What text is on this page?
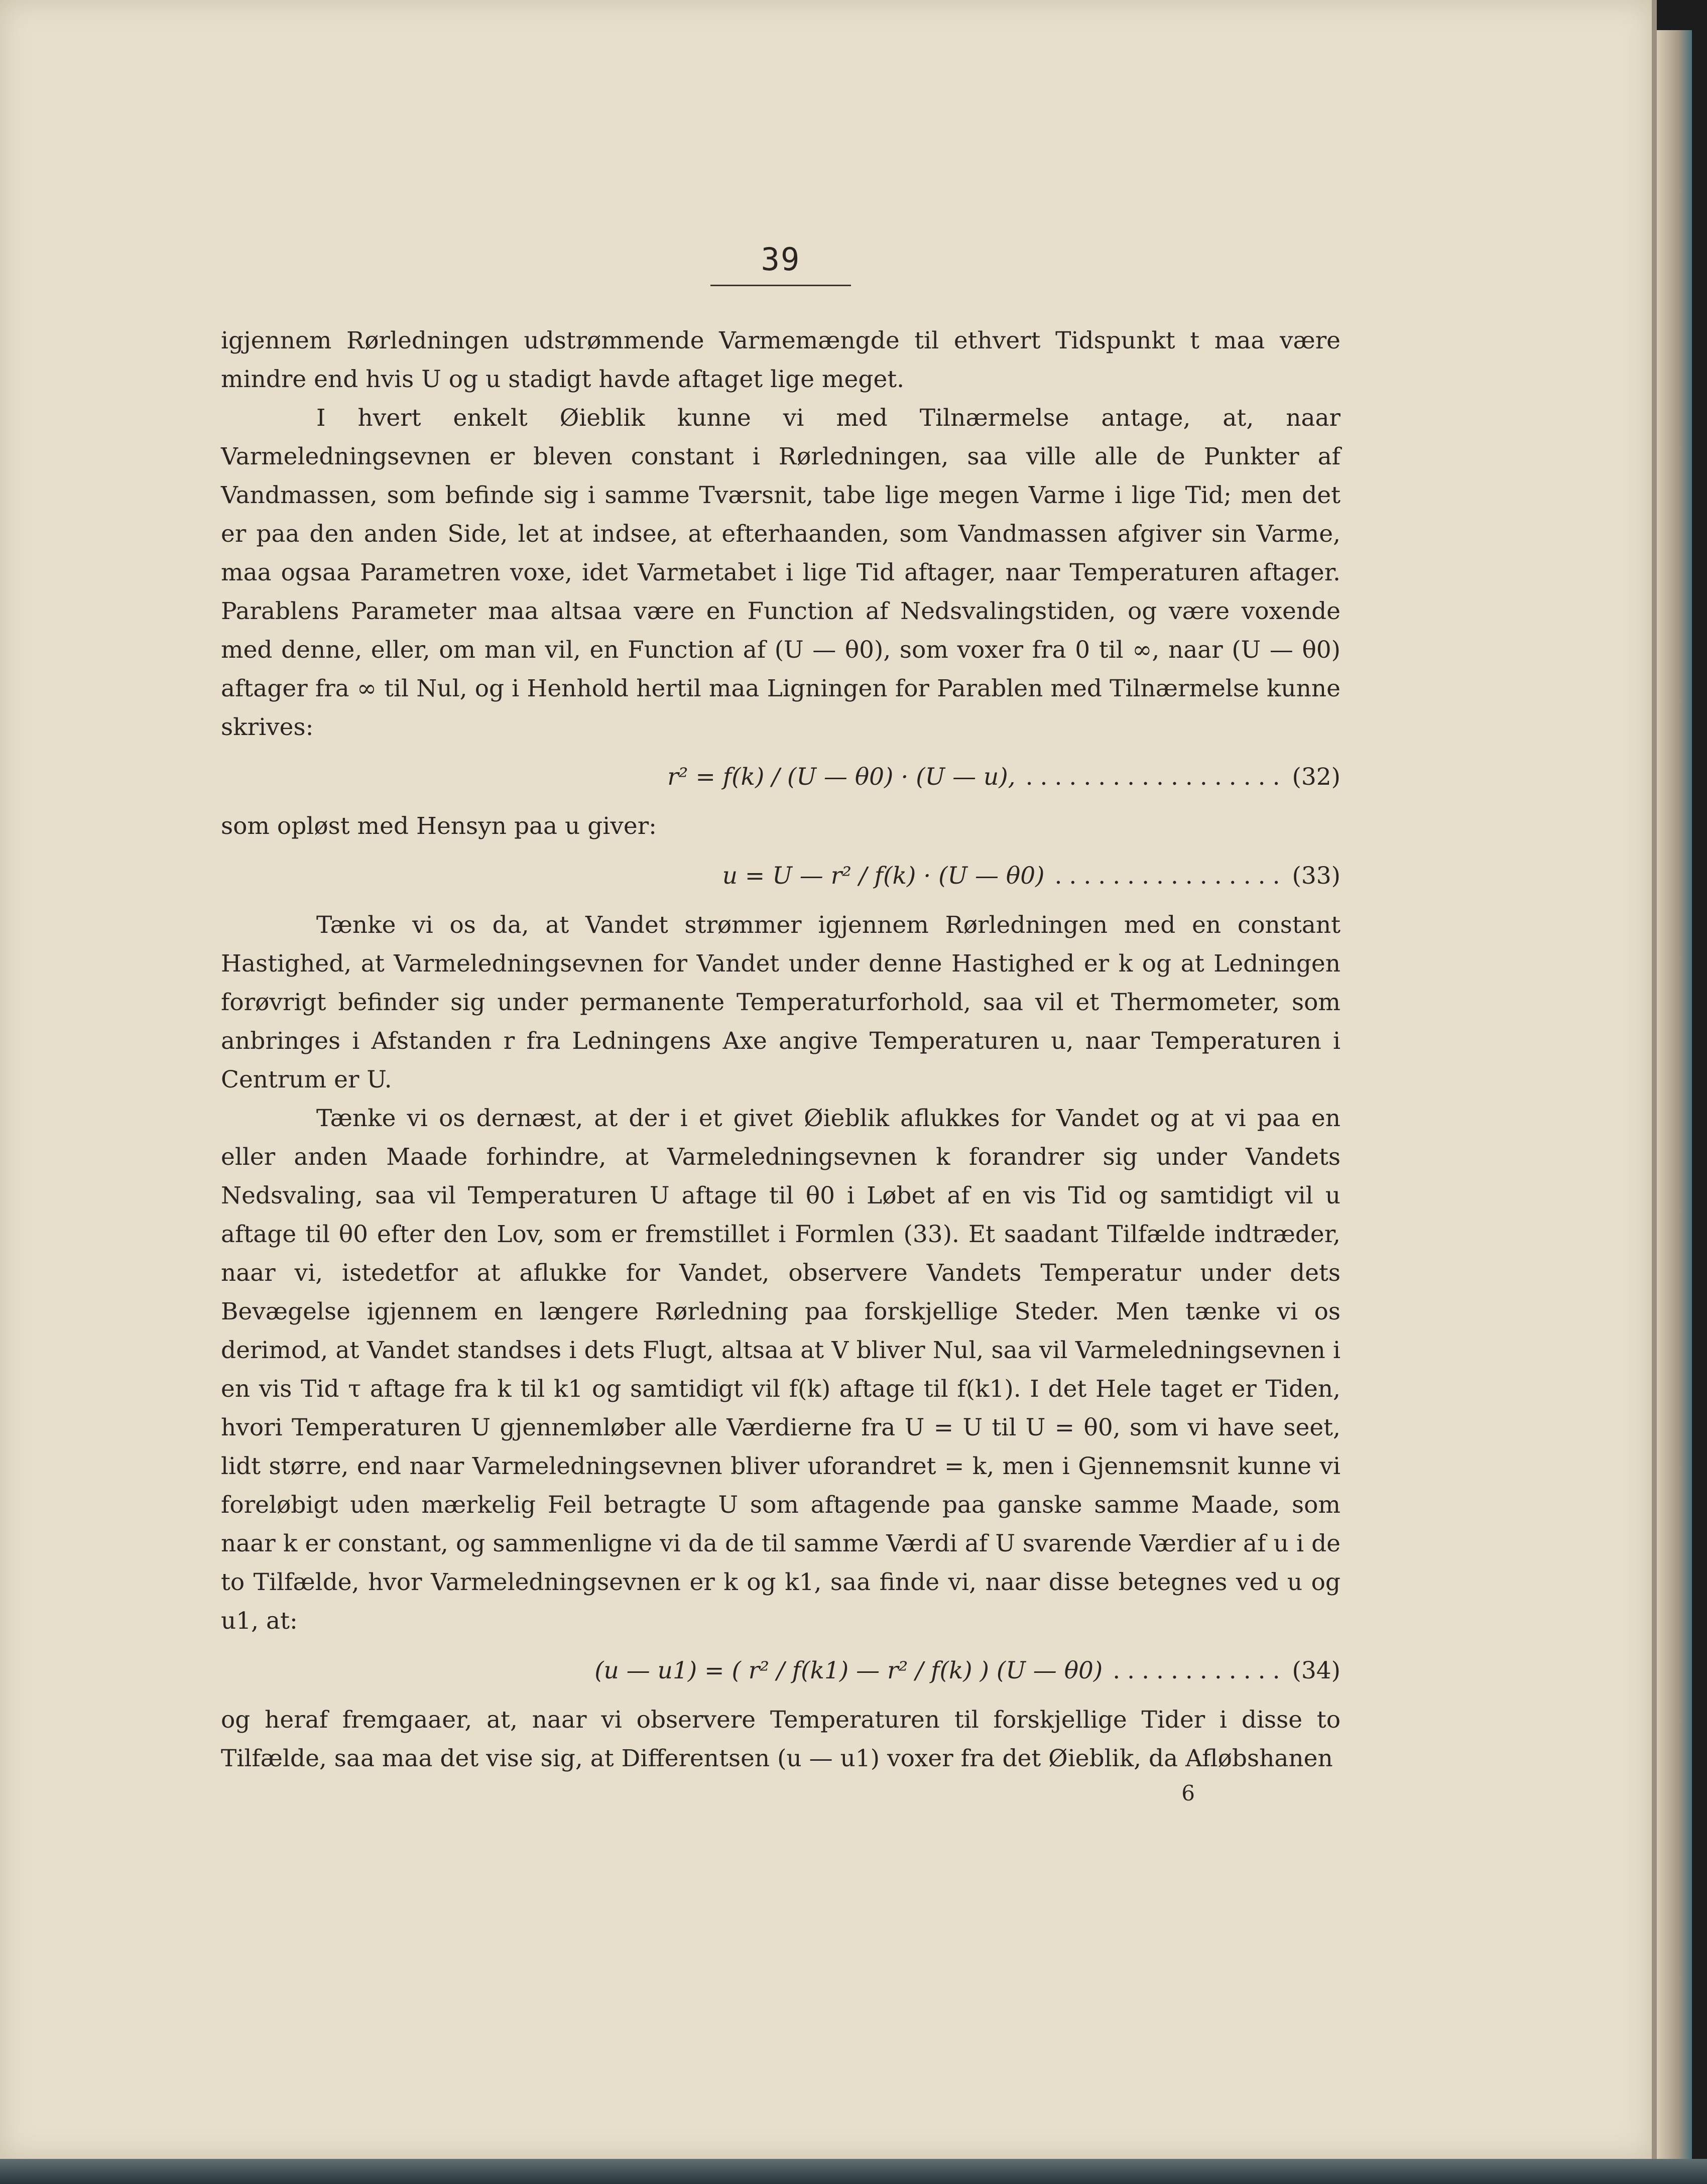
39

igjennem Rørledningen udstrømmende Varmemængde til ethvert Tidspunkt t maa være mindre end hvis U og u stadigt havde aftaget lige meget.

I hvert enkelt Øieblik kunne vi med Tilnærmelse antage, at, naar Varmeledningsevnen er bleven constant i Rørledningen, saa ville alle de Punkter af Vandmassen, som befinde sig i samme Tværsnit, tabe lige megen Varme i lige Tid; men det er paa den anden Side, let at indsee, at efterhaanden, som Vandmassen afgiver sin Varme, maa ogsaa Parametren voxe, idet Varmetabet i lige Tid aftager, naar Temperaturen aftager. Parablens Parameter maa altsaa være en Function af Nedsvalingstiden, og være voxende med denne, eller, om man vil, en Function af (U — θ0), som voxer fra 0 til ∞, naar (U — θ0) aftager fra ∞ til Nul, og i Henhold hertil maa Ligningen for Parablen med Tilnærmelse kunne skrives:

r² = f(k) / (U — θ0) · (U — u), .................. (32)

som opløst med Hensyn paa u giver:

u = U — r² / f(k) · (U — θ0) ................ (33)

Tænke vi os da, at Vandet strømmer igjennem Rørledningen med en constant Hastighed, at Varmeledningsevnen for Vandet under denne Hastighed er k og at Ledningen forøvrigt befinder sig under permanente Temperaturforhold, saa vil et Thermometer, som anbringes i Afstanden r fra Ledningens Axe angive Temperaturen u, naar Temperaturen i Centrum er U.

Tænke vi os dernæst, at der i et givet Øieblik aflukkes for Vandet og at vi paa en eller anden Maade forhindre, at Varmeledningsevnen k forandrer sig under Vandets Nedsvaling, saa vil Temperaturen U aftage til θ0 i Løbet af en vis Tid og samtidigt vil u aftage til θ0 efter den Lov, som er fremstillet i Formlen (33). Et saadant Tilfælde indtræder, naar vi, istedetfor at aflukke for Vandet, observere Vandets Temperatur under dets Bevægelse igjennem en længere Rørledning paa forskjellige Steder. Men tænke vi os derimod, at Vandet standses i dets Flugt, altsaa at V bliver Nul, saa vil Varmeledningsevnen i en vis Tid τ aftage fra k til k1 og samtidigt vil f(k) aftage til f(k1). I det Hele taget er Tiden, hvori Temperaturen U gjennemløber alle Værdierne fra U = U til U = θ0, som vi have seet, lidt større, end naar Varmeledningsevnen bliver uforandret = k, men i Gjennemsnit kunne vi foreløbigt uden mærkelig Feil betragte U som aftagende paa ganske samme Maade, som naar k er constant, og sammenligne vi da de til samme Værdi af U svarende Værdier af u i de to Tilfælde, hvor Varmeledningsevnen er k og k1, saa finde vi, naar disse betegnes ved u og u1, at:

(u — u1) = ( r² / f(k1) — r² / f(k) ) (U — θ0) ............ (34)

og heraf fremgaaer, at, naar vi observere Temperaturen til forskjellige Tider i disse to Tilfælde, saa maa det vise sig, at Differentsen (u — u1) voxer fra det Øieblik, da Afløbshanen

6
